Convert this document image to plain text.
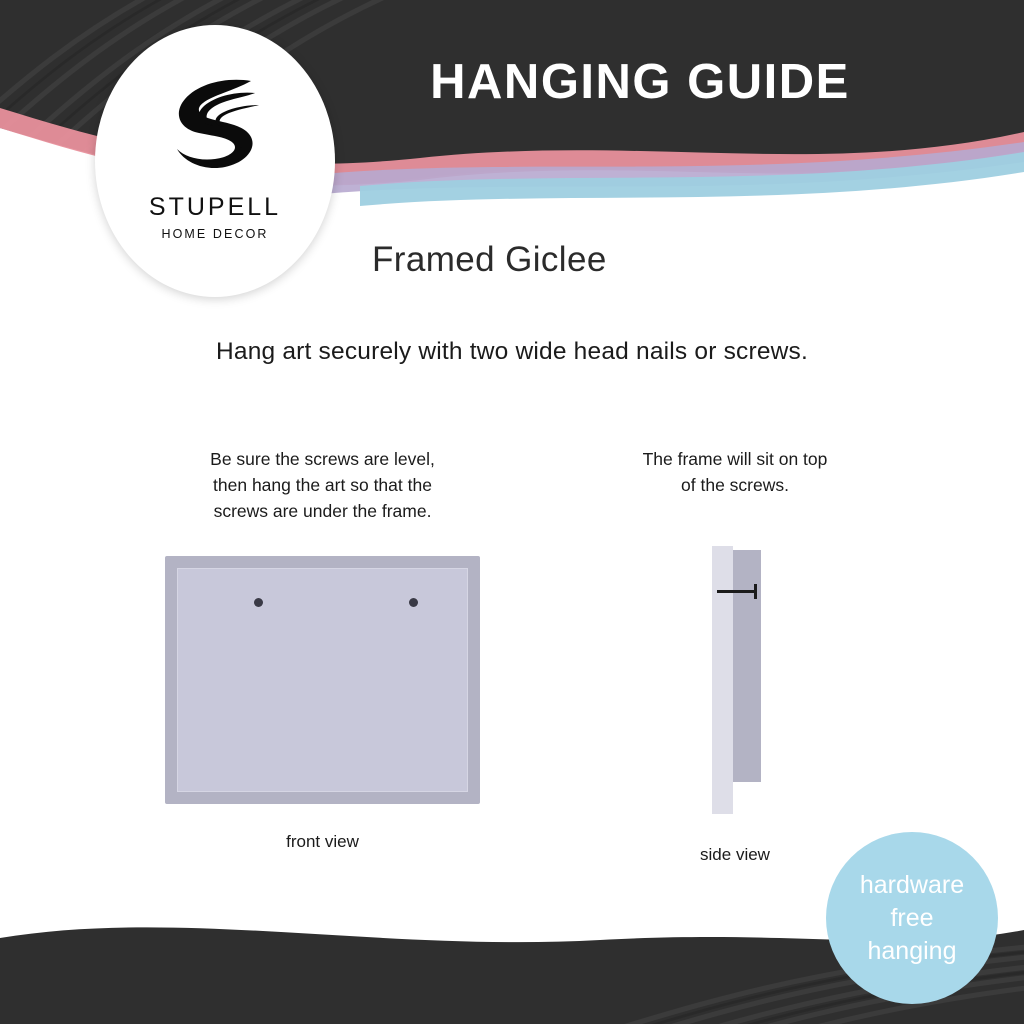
HANGING GUIDE
STUPELL
HOME DECOR
Framed Giclee
Hang art securely with two wide head nails or screws.
Be sure the screws are level,
then hang the art so that the
screws are under the frame.
The frame will sit on top
of the screws.
front view
side view
hardware
free
hanging
